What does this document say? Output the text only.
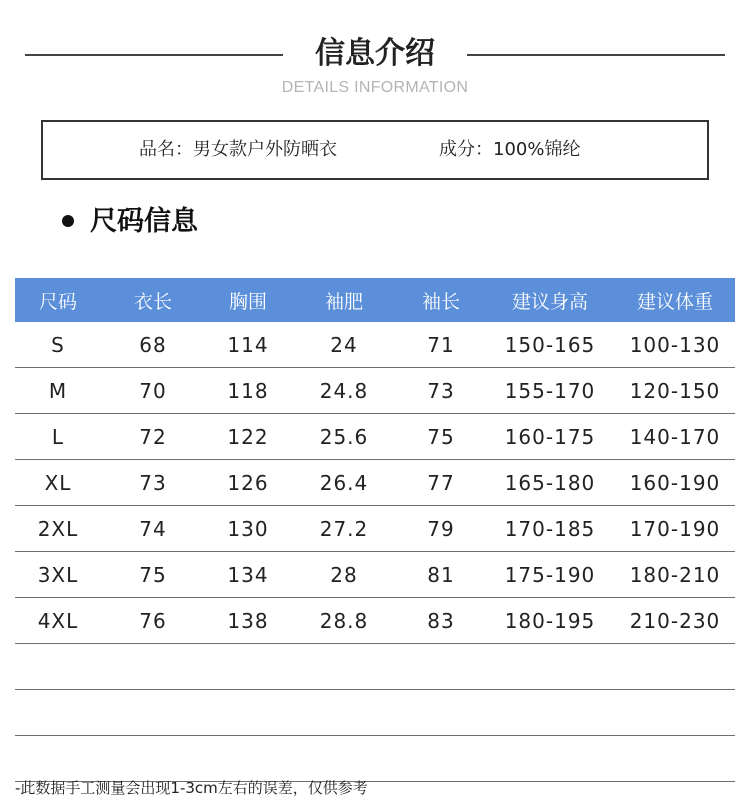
信息介绍
DETAILS INFORMATION
品名：男女款户外防晒衣	成分：100%锦纶
尺码信息
尺码	衣长	胸围	袖肥	袖长	建议身高	建议体重
S	68	114	24	71	150-165	100-130
M	70	118	24.8	73	155-170	120-150
L	72	122	25.6	75	160-175	140-170
XL	73	126	26.4	77	165-180	160-190
2XL	74	130	27.2	79	170-185	170-190
3XL	75	134	28	81	175-190	180-210
4XL	76	138	28.8	83	180-195	210-230

-此数据手工测量会出现1-3cm左右的误差，仅供参考
